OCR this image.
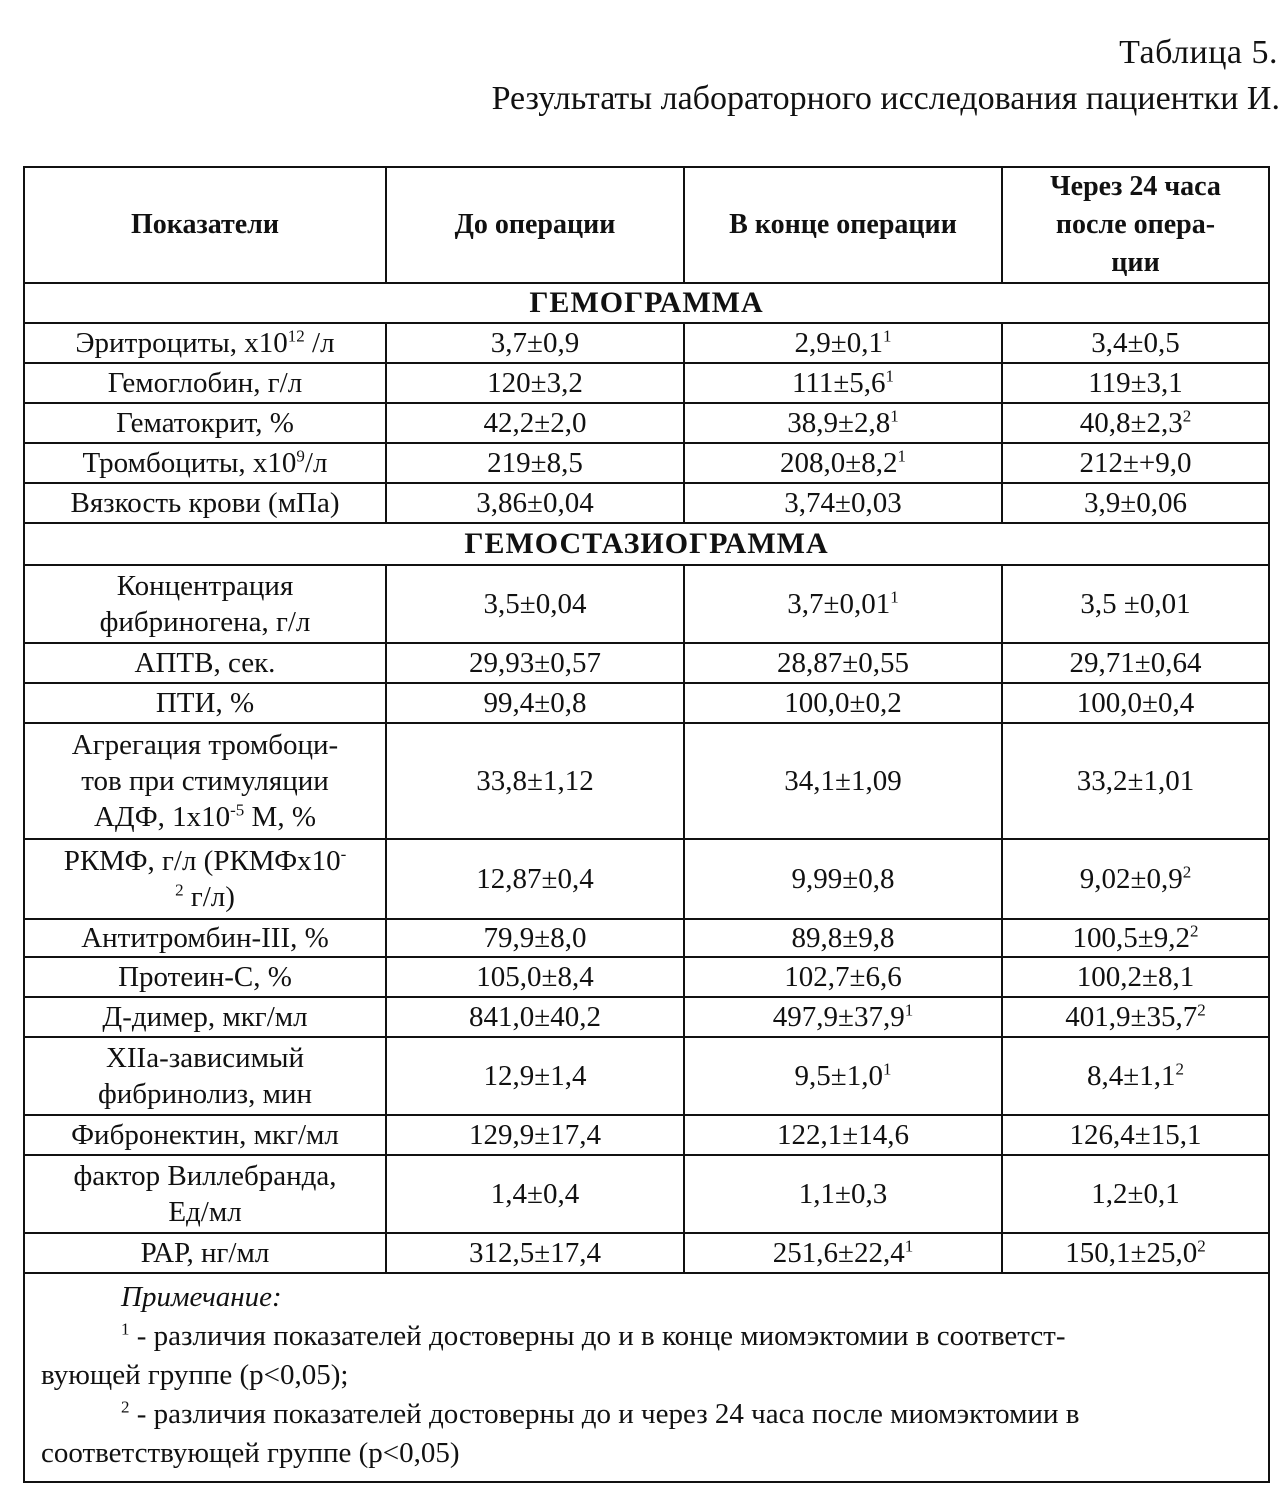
Таблица 5.
Результаты лабораторного исследования пациентки И.
Показатели	До операции	В конце операции	Через 24 часа
после опера-
ции
ГЕМОГРАММА			
Эритроциты, $х10^{12}$ /л	3,7±0,9	$2,9\pm 0,1^1$	3,4±0,5
Гемоглобин, г/л	120±3,2	$111\pm 5,6^1$	119±3,1
Гематокрит, %	42,2±2,0	$38,9\pm 2,8^1$	$40,8\pm 2,3^2$
Тромбоциты, $х10^9/л$	219±8,5	$208,0\pm 8,2^1$	212±+9,0
Вязкость крови (мПа)	3,86±0,04	3,74±0,03	3,9±0,06
ГЕМОСТАЗИОГРАММА			
Концентрация
фибриногена, г/л	3,5±0,04	$3,7\pm 0,01^1$	3,5 ±0,01
АПТВ, сек.	29,93±0,57	28,87±0,55	29,71±0,64
ПТИ, %	99,4±0,8	100,0±0,2	100,0±0,4
Агрегация тромбоци-
тов при стимуляции
АДФ, $1х10^{-5}$ М, %	33,8±1,12	34,1±1,09	33,2±1,01
РКМФ, г/л (РКМФх10-
$^2$ г/л)	12,87±0,4	9,99±0,8	$9,02\pm 0,9^2$
Антитромбин-III, %	79,9±8,0	89,8±9,8	$100,5\pm 9,2^2$
Протеин-С, %	105,0±8,4	102,7±6,6	100,2±8,1
Д-димер, мкг/мл	841,0±40,2	$497,9\pm 37,9^1$	$401,9\pm 35,7^2$
XIIа-зависимый
фибринолиз, мин	12,9±1,4	$9,5\pm 1,0^1$	$8,4\pm 1,1^2$
Фибронектин, мкг/мл	129,9±17,4	122,1±14,6	126,4±15,1
фактор Виллебранда,
Ед/мл	1,4±0,4	1,1±0,3	1,2±0,1
РАР, нг/мл	312,5±17,4	$251,6\pm 22,4^1$	$150,1\pm 25,0^2$

Примечание:
$^1$ - различия показателей достоверны до и в конце миомэктомии в соответст-
вующей группе (р<0,05);
$^2$ - различия показателей достоверны до и через 24 часа после миомэктомии в
соответствующей группе (р<0,05)			
